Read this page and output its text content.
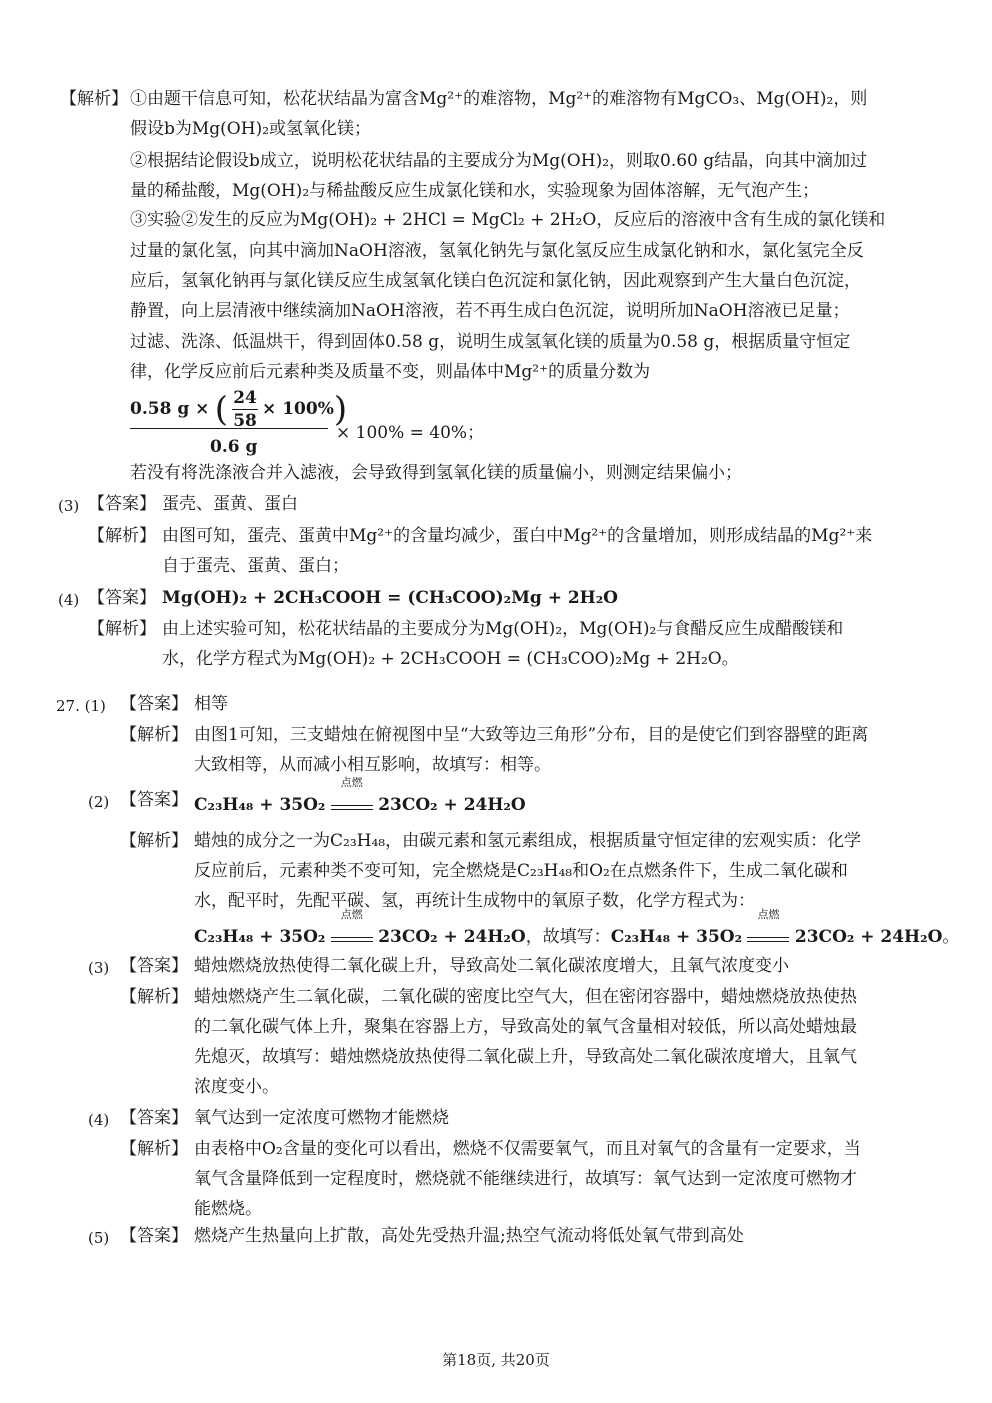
【解析】 ①由题干信息可知，松花状结晶为富含Mg²⁺的难溶物，Mg²⁺的难溶物有MgCO₃、Mg(OH)₂，则
假设b为Mg(OH)₂或氢氧化镁；
②根据结论假设b成立，说明松花状结晶的主要成分为Mg(OH)₂，则取0.60 g结晶，向其中滴加过
量的稀盐酸，Mg(OH)₂与稀盐酸反应生成氯化镁和水，实验现象为固体溶解，无气泡产生；
③实验②发生的反应为Mg(OH)₂ + 2HCl = MgCl₂ + 2H₂O，反应后的溶液中含有生成的氯化镁和
过量的氯化氢，向其中滴加NaOH溶液，氢氧化钠先与氯化氢反应生成氯化钠和水，氯化氢完全反
应后，氢氧化钠再与氯化镁反应生成氢氧化镁白色沉淀和氯化钠，因此观察到产生大量白色沉淀，
静置，向上层清液中继续滴加NaOH溶液，若不再生成白色沉淀，说明所加NaOH溶液已足量；
过滤、洗涤、低温烘干，得到固体0.58 g，说明生成氢氧化镁的质量为0.58 g，根据质量守恒定
律，化学反应前后元素种类及质量不变，则晶体中Mg²⁺的质量分数为
0.58 g × ( $\frac{24}{58} \times 100\%$)
0.6 g
× 100% = 40%；
若没有将洗涤液合并入滤液，会导致得到氢氧化镁的质量偏小，则测定结果偏小；
(3) 【答案】 蛋壳、蛋黄、蛋白
【解析】 由图可知，蛋壳、蛋黄中Mg²⁺的含量均减少，蛋白中Mg²⁺的含量增加，则形成结晶的Mg²⁺来
自于蛋壳、蛋黄、蛋白；
(4) 【答案】 Mg(OH)₂ + 2CH₃COOH = (CH₃COO)₂Mg + 2H₂O
【解析】 由上述实验可知，松花状结晶的主要成分为Mg(OH)₂，Mg(OH)₂与食醋反应生成醋酸镁和
水，化学方程式为Mg(OH)₂ + 2CH₃COOH = (CH₃COO)₂Mg + 2H₂O。
27. (1) 【答案】 相等
【解析】 由图1可知，三支蜡烛在俯视图中呈“大致等边三角形”分布，目的是使它们到容器壁的距离
大致相等，从而减小相互影响，故填写：相等。
(2) 【答案】 C₂₃H₄₈ + 35O₂
点燃
23CO₂ + 24H₂O
【解析】 蜡烛的成分之一为C₂₃H₄₈，由碳元素和氢元素组成，根据质量守恒定律的宏观实质：化学
反应前后，元素种类不变可知，完全燃烧是C₂₃H₄₈和O₂在点燃条件下，生成二氧化碳和
水，配平时，先配平碳、氢，再统计生成物中的氧原子数，化学方程式为：
C₂₃H₄₈ + 35O₂
点燃
23CO₂ + 24H₂O，故填写：C₂₃H₄₈ + 35O₂
点燃
23CO₂ + 24H₂O。
(3) 【答案】 蜡烛燃烧放热使得二氧化碳上升，导致高处二氧化碳浓度增大，且氧气浓度变小
【解析】 蜡烛燃烧产生二氧化碳，二氧化碳的密度比空气大，但在密闭容器中，蜡烛燃烧放热使热
的二氧化碳气体上升，聚集在容器上方，导致高处的氧气含量相对较低，所以高处蜡烛最
先熄灭，故填写：蜡烛燃烧放热使得二氧化碳上升，导致高处二氧化碳浓度增大，且氧气
浓度变小。
(4) 【答案】 氧气达到一定浓度可燃物才能燃烧
【解析】 由表格中O₂含量的变化可以看出，燃烧不仅需要氧气，而且对氧气的含量有一定要求，当
氧气含量降低到一定程度时，燃烧就不能继续进行，故填写：氧气达到一定浓度可燃物才
能燃烧。
(5) 【答案】 燃烧产生热量向上扩散，高处先受热升温;热空气流动将低处氧气带到高处
第18页, 共20页
